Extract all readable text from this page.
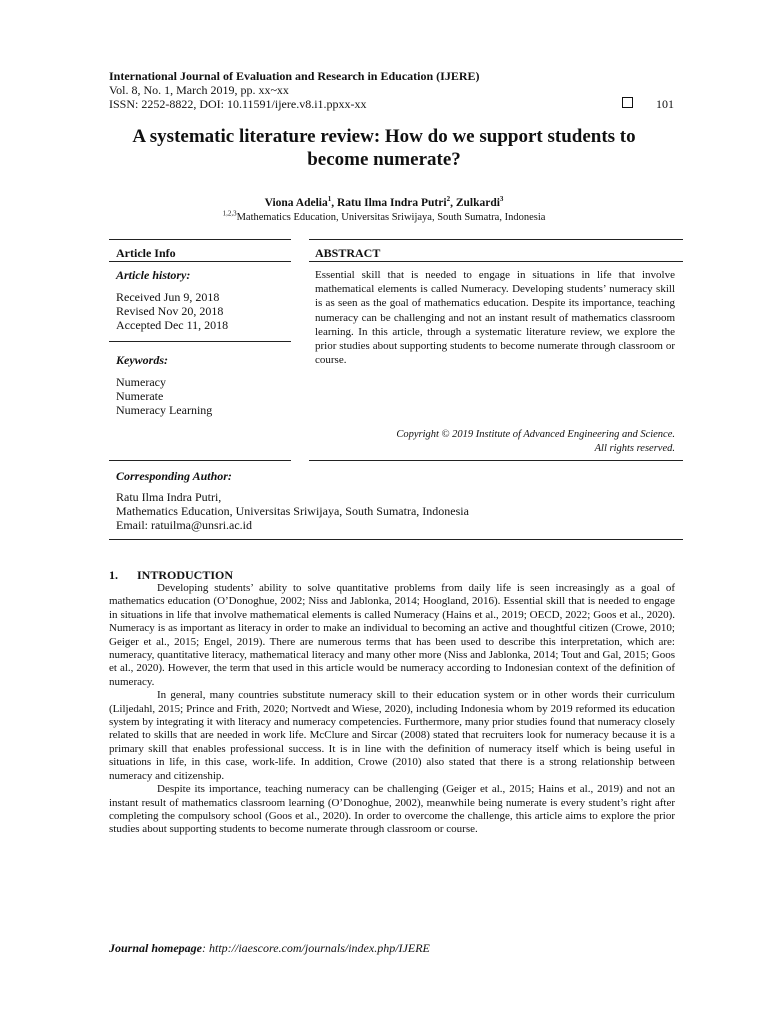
International Journal of Evaluation and Research in Education (IJERE)
Vol. 8, No. 1, March 2019, pp. xx~xx
ISSN: 2252-8822, DOI: 10.11591/ijere.v8.i1.ppxx-xx	101
A systematic literature review: How do we support students to
become numerate?
Viona Adelia$^1$, Ratu Ilma Indra Putri$^2$, Zulkardi$^3$
$^{1,2,3}$Mathematics Education, Universitas Sriwijaya, South Sumatra, Indonesia
Article Info
Article history:
Received Jun 9, 2018
Revised Nov 20, 2018
Accepted Dec 11, 2018
Keywords:
Numeracy
Numerate
Numeracy Learning
ABSTRACT
Essential skill that is needed to engage in situations in life that involve mathematical elements is called Numeracy. Developing students’ numeracy skill is as seen as the goal of mathematics education. Despite its importance, teaching numeracy can be challenging and not an instant result of mathematics classroom learning. In this article, through a systematic literature review, we explore the prior studies about supporting students to become numerate through classroom or course.
Copyright © 2019 Institute of Advanced Engineering and Science.
All rights reserved.
Corresponding Author:
Ratu Ilma Indra Putri,
Mathematics Education, Universitas Sriwijaya, South Sumatra, Indonesia
Email: ratuilma@unsri.ac.id
1. INTRODUCTION

Developing students’ ability to solve quantitative problems from daily life is seen increasingly as a goal of mathematics education (O’Donoghue, 2002; Niss and Jablonka, 2014; Hoogland, 2016). Essential skill that is needed to engage in situations in life that involve mathematical elements is called Numeracy (Hains et al., 2019; OECD, 2022; Goos et al., 2020). Numeracy is as important as literacy in order to make an individual to becoming an active and thoughtful citizen (Crowe, 2010; Geiger et al., 2015; Engel, 2019). There are numerous terms that has been used to describe this interpretation, which are: numeracy, quantitative literacy, mathematical literacy and many other more (Niss and Jablonka, 2014; Tout and Gal, 2015; Goos et al., 2020). However, the term that used in this article would be numeracy according to Indonesian context of the definition of numeracy.

In general, many countries substitute numeracy skill to their education system or in other words their curriculum (Liljedahl, 2015; Prince and Frith, 2020; Nortvedt and Wiese, 2020), including Indonesia whom by 2019 reformed its education system by integrating it with literacy and numeracy competencies. Furthermore, many prior studies found that numeracy closely related to skills that are needed in work life. McClure and Sircar (2008) stated that recruiters look for numeracy because it is a primary skill that enables professional success. It is in line with the definition of numeracy itself which is being useful in situations in life, in this case, work-life. In addition, Crowe (2010) also stated that there is a strong relationship between numeracy and citizenship.

Despite its importance, teaching numeracy can be challenging (Geiger et al., 2015; Hains et al., 2019) and not an instant result of mathematics classroom learning (O’Donoghue, 2002), meanwhile being numerate is every student’s right after completing the compulsory school (Goos et al., 2020). In order to overcome the challenge, this article aims to explore the prior studies about supporting students to become numerate through classroom or course.

Journal homepage: http://iaescore.com/journals/index.php/IJERE
